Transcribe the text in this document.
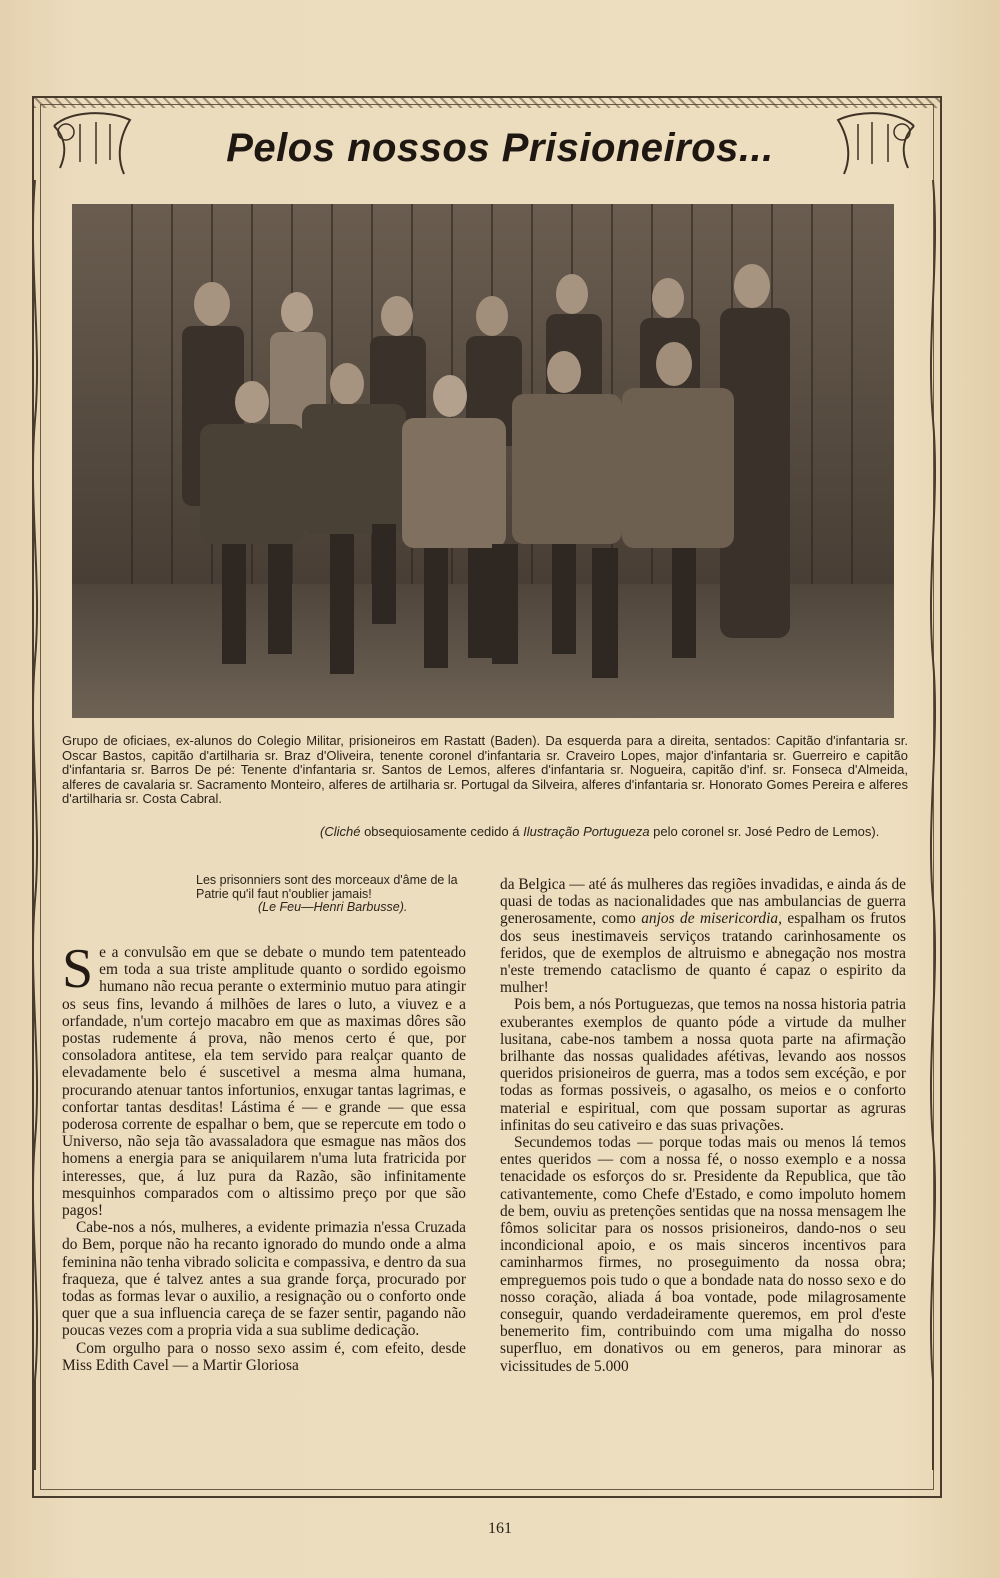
Pelos nossos Prisioneiros...

Grupo de oficiaes, ex-alunos do Colegio Militar, prisioneiros em Rastatt (Baden). Da esquerda para a direita, sentados: Capitão d'infantaria sr. Oscar Bastos, capitão d'artilharia sr. Braz d'Oliveira, tenente coronel d'infantaria sr. Craveiro Lopes, major d'infantaria sr. Guerreiro e capitão d'infantaria sr. Barros De pé: Tenente d'infantaria sr. Santos de Lemos, alferes d'infantaria sr. Nogueira, capitão d'inf. sr. Fonseca d'Almeida, alferes de cavalaria sr. Sacramento Monteiro, alferes de artilharia sr. Portugal da Silveira, alferes d'infantaria sr. Honorato Gomes Pereira e alferes d'artilharia sr. Costa Cabral.

(Cliché obsequiosamente cedido á Ilustração Portugueza pelo coronel sr. José Pedro de Lemos).
Les prisonniers sont des morceaux d'âme de la Patrie qu'il faut n'oublier jamais!
(Le Feu—Henri Barbusse).

Se a convulsão em que se debate o mundo tem patenteado em toda a sua triste amplitude quanto o sordido egoismo humano não recua perante o exterminio mutuo para atingir os seus fins, levando á milhões de lares o luto, a viuvez e a orfandade, n'um cortejo macabro em que as maximas dôres são postas rudemente á prova, não menos certo é que, por consoladora antitese, ela tem servido para realçar quanto de elevadamente belo é suscetivel a mesma alma humana, procurando atenuar tantos infortunios, enxugar tantas lagrimas, e confortar tantas desditas! Lástima é — e grande — que essa poderosa corrente de espalhar o bem, que se repercute em todo o Universo, não seja tão avassaladora que esmague nas mãos dos homens a energia para se aniquilarem n'uma luta fratricida por interesses, que, á luz pura da Razão, são infinitamente mesquinhos comparados com o altissimo preço por que são pagos!

Cabe-nos a nós, mulheres, a evidente primazia n'essa Cruzada do Bem, porque não ha recanto ignorado do mundo onde a alma feminina não tenha vibrado solicita e compassiva, e dentro da sua fraqueza, que é talvez antes a sua grande força, procurado por todas as formas levar o auxilio, a resignação ou o conforto onde quer que a sua influencia careça de se fazer sentir, pagando não poucas vezes com a propria vida a sua sublime dedicação.

Com orgulho para o nosso sexo assim é, com efeito, desde Miss Edith Cavel — a Martir Gloriosa

da Belgica — até ás mulheres das regiões invadidas, e ainda ás de quasi de todas as nacionalidades que nas ambulancias de guerra generosamente, como anjos de misericordia, espalham os frutos dos seus inestimaveis serviços tratando carinhosamente os feridos, que de exemplos de altruismo e abnegação nos mostra n'este tremendo cataclismo de quanto é capaz o espirito da mulher!

Pois bem, a nós Portuguezas, que temos na nossa historia patria exuberantes exemplos de quanto póde a virtude da mulher lusitana, cabe-nos tambem a nossa quota parte na afirmação brilhante das nossas qualidades afétivas, levando aos nossos queridos prisioneiros de guerra, mas a todos sem excéção, e por todas as formas possiveis, o agasalho, os meios e o conforto material e espiritual, com que possam suportar as agruras infinitas do seu cativeiro e das suas privações.

Secundemos todas — porque todas mais ou menos lá temos entes queridos — com a nossa fé, o nosso exemplo e a nossa tenacidade os esforços do sr. Presidente da Republica, que tão cativantemente, como Chefe d'Estado, e como impoluto homem de bem, ouviu as pretenções sentidas que na nossa mensagem lhe fômos solicitar para os nossos prisioneiros, dando-nos o seu incondicional apoio, e os mais sinceros incentivos para caminharmos firmes, no proseguimento da nossa obra; empreguemos pois tudo o que a bondade nata do nosso sexo e do nosso coração, aliada á boa vontade, pode milagrosamente conseguir, quando verdadeiramente queremos, em prol d'este benemerito fim, contribuindo com uma migalha do nosso superfluo, em donativos ou em generos, para minorar as vicissitudes de 5.000

161
